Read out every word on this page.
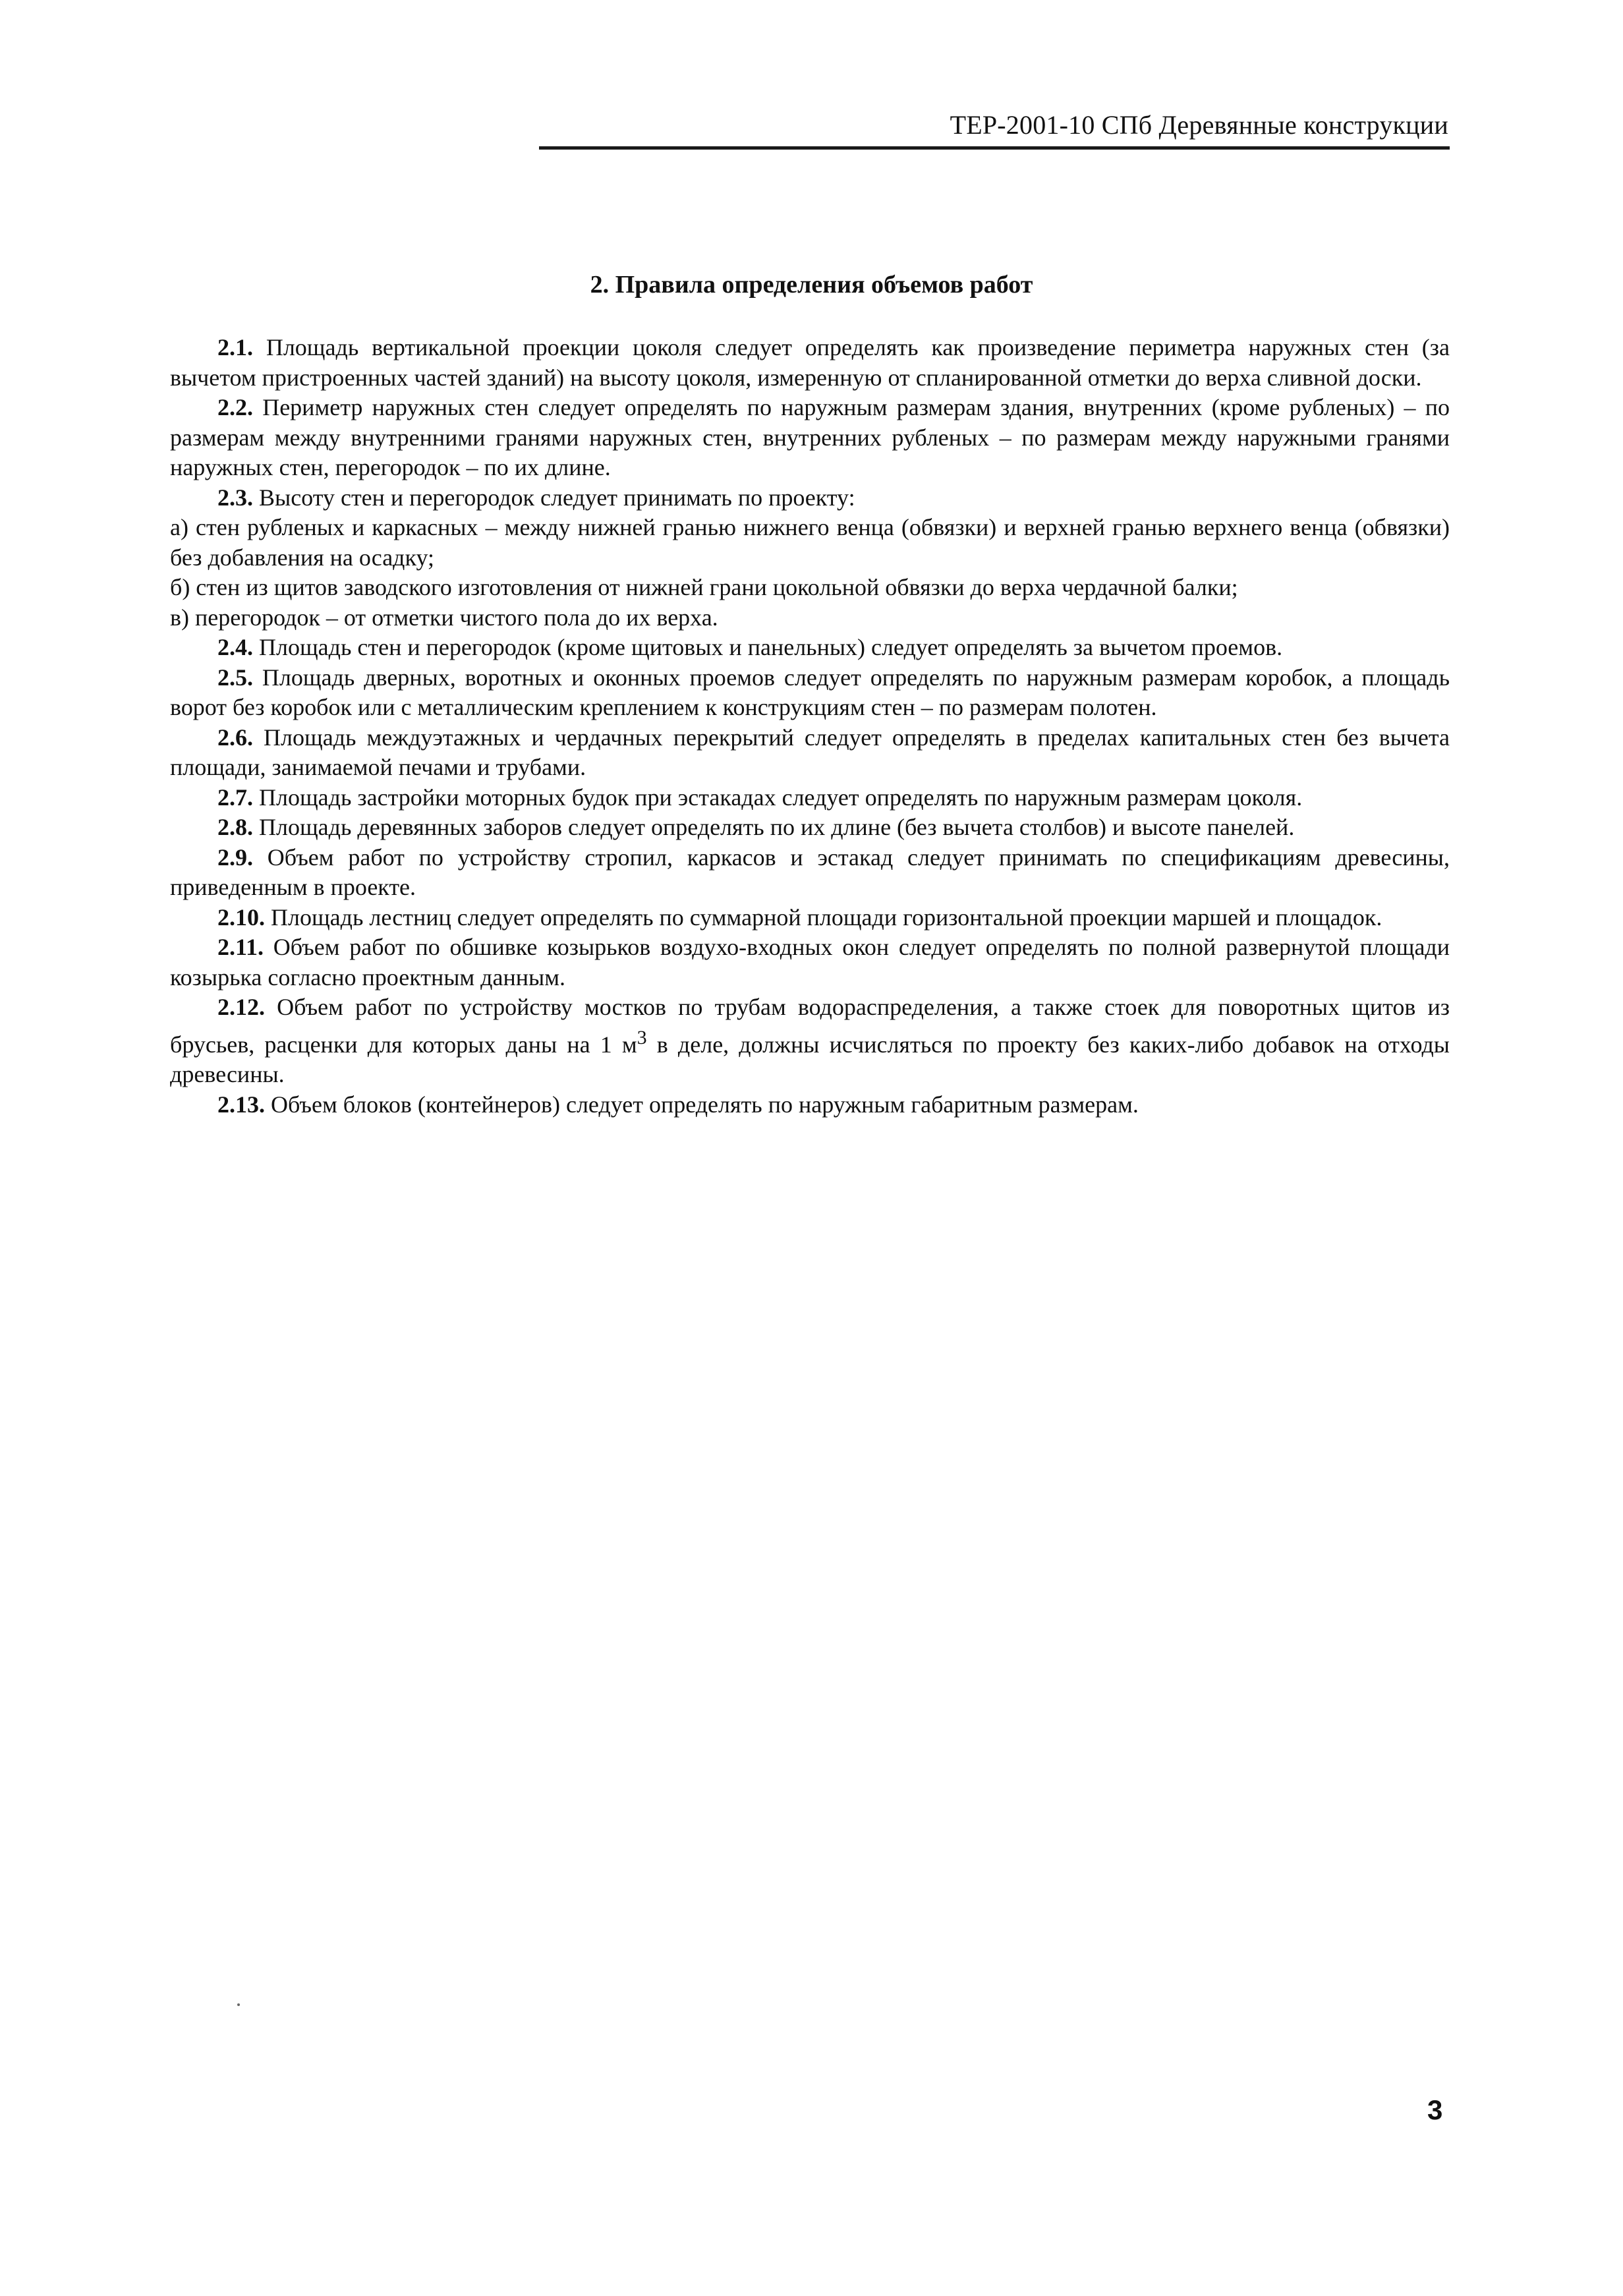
ТЕР-2001-10 СПб Деревянные конструкции
2. Правила определения объемов работ

2.1. Площадь вертикальной проекции цоколя следует определять как произведение периметра наружных стен (за вычетом пристроенных частей зданий) на высоту цоколя, измеренную от спланированной отметки до верха сливной доски.

2.2. Периметр наружных стен следует определять по наружным размерам здания, внутренних (кроме рубленых) – по размерам между внутренними гранями наружных стен, внутренних рубленых – по размерам между наружными гранями наружных стен, перегородок – по их длине.

2.3. Высоту стен и перегородок следует принимать по проекту:

а) стен рубленых и каркасных – между нижней гранью нижнего венца (обвязки) и верхней гранью верхнего венца (обвязки) без добавления на осадку;

б) стен из щитов заводского изготовления от нижней грани цокольной обвязки до верха чердачной балки;

в) перегородок – от отметки чистого пола до их верха.

2.4. Площадь стен и перегородок (кроме щитовых и панельных) следует определять за вычетом проемов.

2.5. Площадь дверных, воротных и оконных проемов следует определять по наружным размерам коробок, а площадь ворот без коробок или с металлическим креплением к конструкциям стен – по размерам полотен.

2.6. Площадь междуэтажных и чердачных перекрытий следует определять в пределах капитальных стен без вычета площади, занимаемой печами и трубами.

2.7. Площадь застройки моторных будок при эстакадах следует определять по наружным размерам цоколя.

2.8. Площадь деревянных заборов следует определять по их длине (без вычета столбов) и высоте панелей.

2.9. Объем работ по устройству стропил, каркасов и эстакад следует принимать по спецификациям древесины, приведенным в проекте.

2.10. Площадь лестниц следует определять по суммарной площади горизонтальной проекции маршей и площадок.

2.11. Объем работ по обшивке козырьков воздухо-входных окон следует определять по полной развернутой площади козырька согласно проектным данным.

2.12. Объем работ по устройству мостков по трубам водораспределения, а также стоек для поворотных щитов из брусьев, расценки для которых даны на 1 $м^3$ в деле, должны исчисляться по проекту без каких-либо добавок на отходы древесины.

2.13. Объем блоков (контейнеров) следует определять по наружным габаритным размерам.

3
